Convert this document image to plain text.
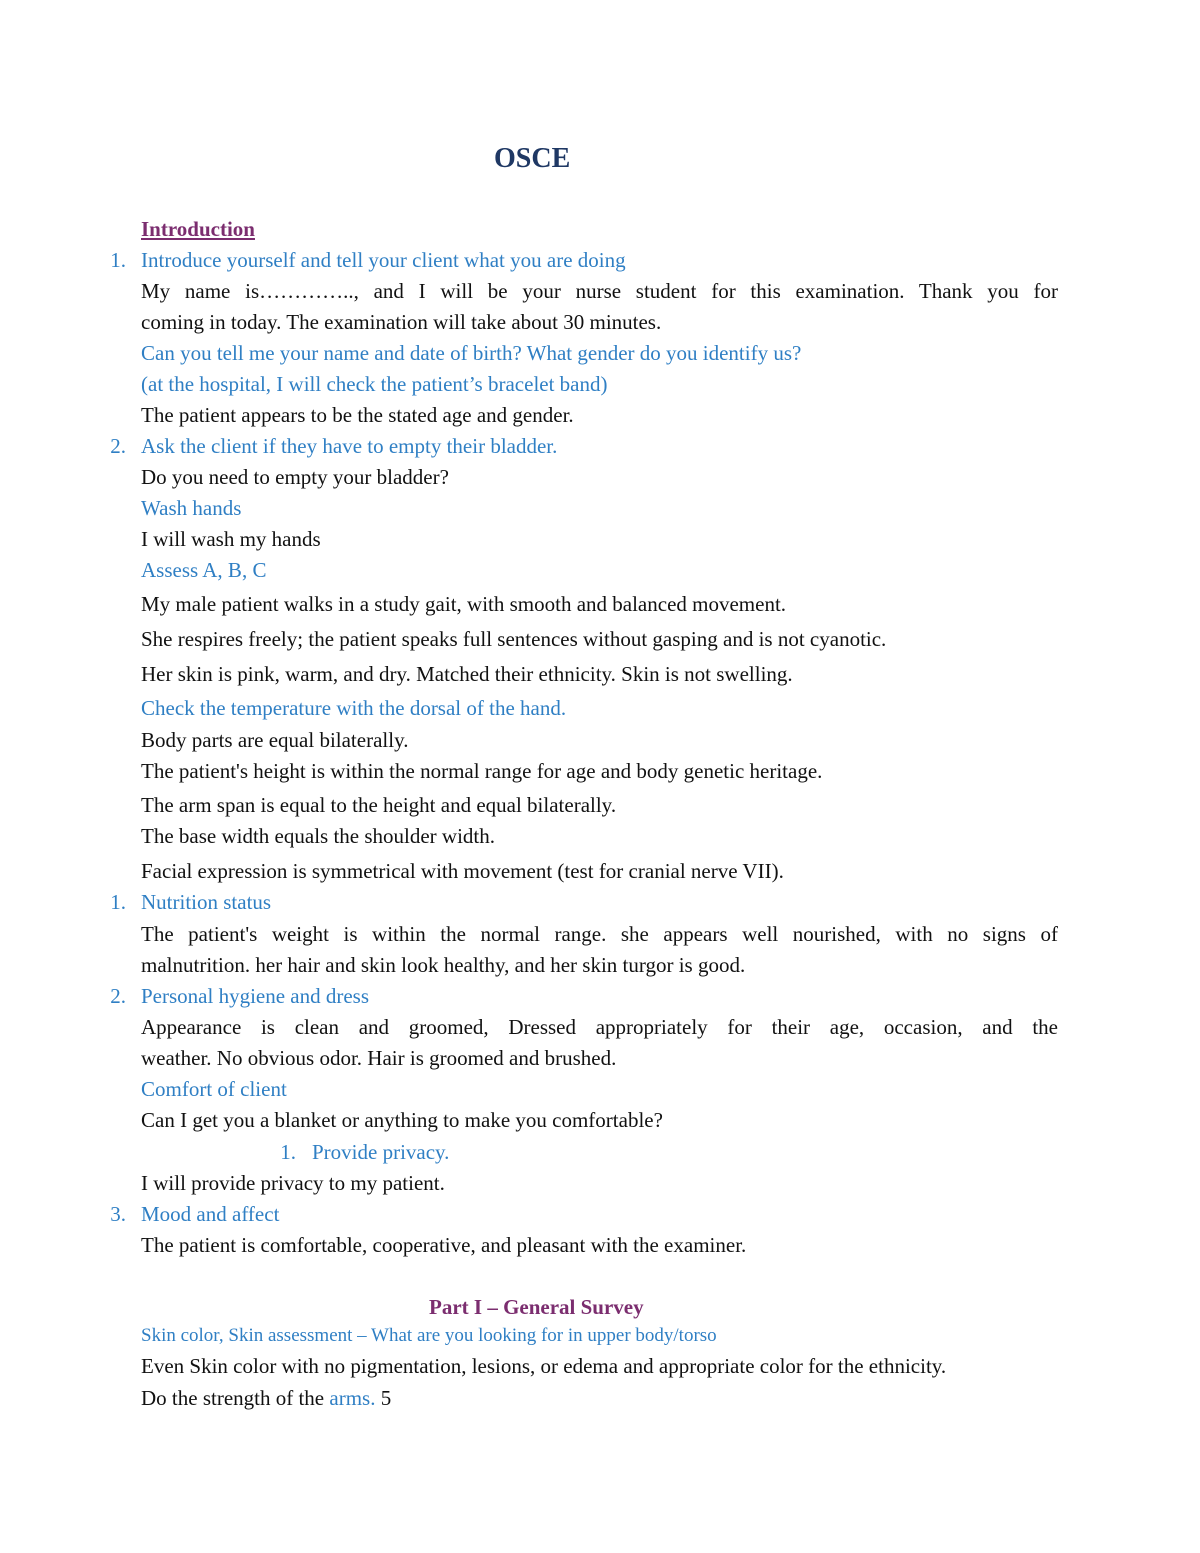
OSCE
Introduction
1. Introduce yourself and tell your client what you are doing
My name is………….., and I will be your nurse student for this examination. Thank you for
coming in today. The examination will take about 30 minutes.
Can you tell me your name and date of birth? What gender do you identify us?
(at the hospital, I will check the patient’s bracelet band)
The patient appears to be the stated age and gender.
2. Ask the client if they have to empty their bladder.
Do you need to empty your bladder?
Wash hands
I will wash my hands
Assess A, B, C
My male patient walks in a study gait, with smooth and balanced movement.
She respires freely; the patient speaks full sentences without gasping and is not cyanotic.
Her skin is pink, warm, and dry. Matched their ethnicity. Skin is not swelling.
Check the temperature with the dorsal of the hand.
Body parts are equal bilaterally.
The patient's height is within the normal range for age and body genetic heritage.
The arm span is equal to the height and equal bilaterally.
The base width equals the shoulder width.
Facial expression is symmetrical with movement (test for cranial nerve VII).
1. Nutrition status
The patient's weight is within the normal range. she appears well nourished, with no signs of
malnutrition. her hair and skin look healthy, and her skin turgor is good.
2. Personal hygiene and dress
Appearance is clean and groomed, Dressed appropriately for their age, occasion, and the
weather. No obvious odor. Hair is groomed and brushed.
Comfort of client
Can I get you a blanket or anything to make you comfortable?
1. Provide privacy.
I will provide privacy to my patient.
3. Mood and affect
The patient is comfortable, cooperative, and pleasant with the examiner.
Part I – General Survey
Skin color, Skin assessment – What are you looking for in upper body/torso
Even Skin color with no pigmentation, lesions, or edema and appropriate color for the ethnicity.
Do the strength of the arms. 5
